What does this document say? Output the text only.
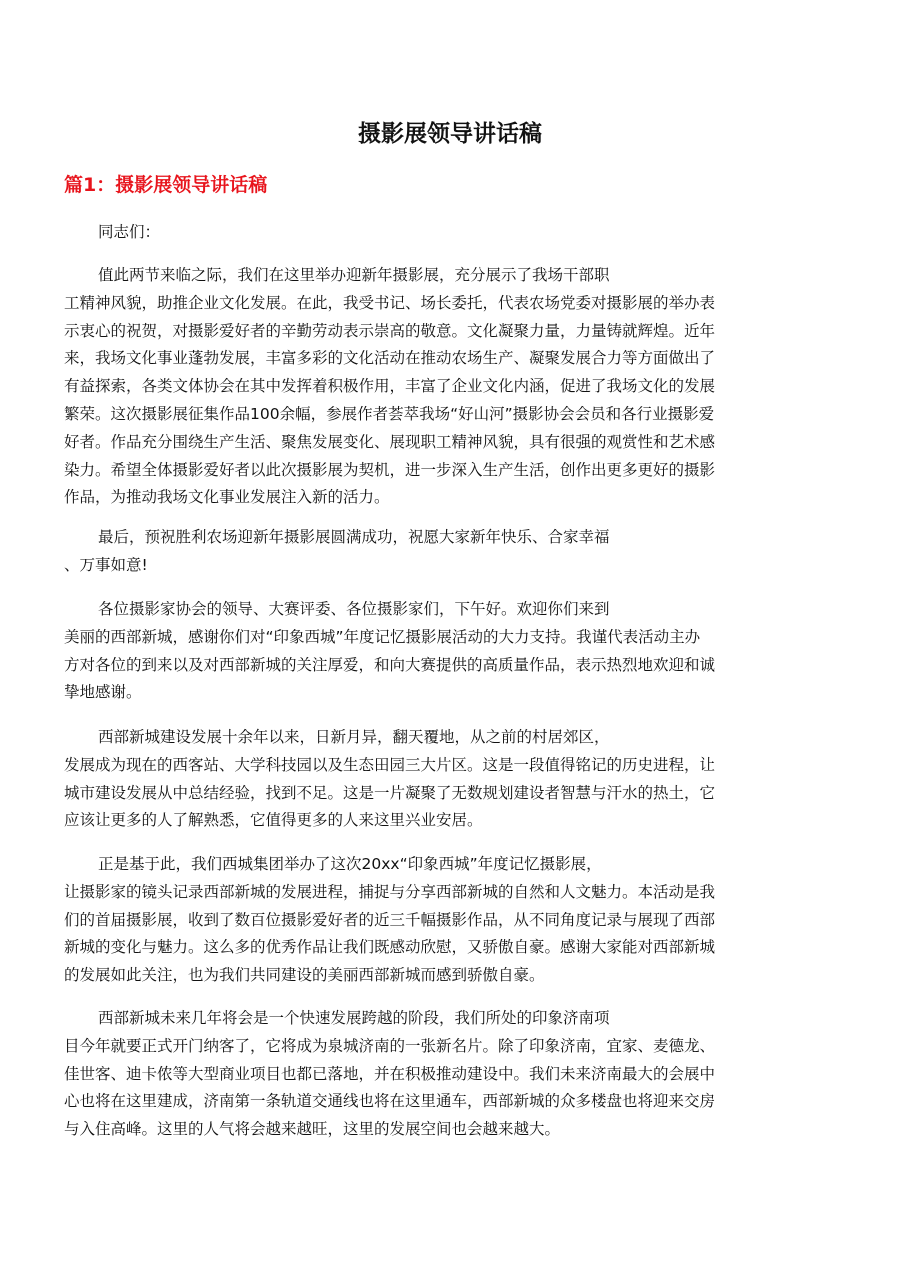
摄影展领导讲话稿
篇1：摄影展领导讲话稿

同志们：

值此两节来临之际，我们在这里举办迎新年摄影展，充分展示了我场干部职
工精神风貌，助推企业文化发展。在此，我受书记、场长委托，代表农场党委对摄影展的举办表
示衷心的祝贺，对摄影爱好者的辛勤劳动表示崇高的敬意。文化凝聚力量，力量铸就辉煌。近年
来，我场文化事业蓬勃发展，丰富多彩的文化活动在推动农场生产、凝聚发展合力等方面做出了
有益探索，各类文体协会在其中发挥着积极作用，丰富了企业文化内涵，促进了我场文化的发展
繁荣。这次摄影展征集作品100余幅，参展作者荟萃我场“好山河”摄影协会会员和各行业摄影爱
好者。作品充分围绕生产生活、聚焦发展变化、展现职工精神风貌，具有很强的观赏性和艺术感
染力。希望全体摄影爱好者以此次摄影展为契机，进一步深入生产生活，创作出更多更好的摄影
作品，为推动我场文化事业发展注入新的活力。

最后，预祝胜利农场迎新年摄影展圆满成功，祝愿大家新年快乐、合家幸福
、万事如意!

各位摄影家协会的领导、大赛评委、各位摄影家们，下午好。欢迎你们来到
美丽的西部新城，感谢你们对“印象西城”年度记忆摄影展活动的大力支持。我谨代表活动主办
方对各位的到来以及对西部新城的关注厚爱，和向大赛提供的高质量作品，表示热烈地欢迎和诚
挚地感谢。

西部新城建设发展十余年以来，日新月异，翻天覆地，从之前的村居郊区，
发展成为现在的西客站、大学科技园以及生态田园三大片区。这是一段值得铭记的历史进程，让
城市建设发展从中总结经验，找到不足。这是一片凝聚了无数规划建设者智慧与汗水的热土，它
应该让更多的人了解熟悉，它值得更多的人来这里兴业安居。

正是基于此，我们西城集团举办了这次20xx“印象西城”年度记忆摄影展，
让摄影家的镜头记录西部新城的发展进程，捕捉与分享西部新城的自然和人文魅力。本活动是我
们的首届摄影展，收到了数百位摄影爱好者的近三千幅摄影作品，从不同角度记录与展现了西部
新城的变化与魅力。这么多的优秀作品让我们既感动欣慰，又骄傲自豪。感谢大家能对西部新城
的发展如此关注，也为我们共同建设的美丽西部新城而感到骄傲自豪。

西部新城未来几年将会是一个快速发展跨越的阶段，我们所处的印象济南项
目今年就要正式开门纳客了，它将成为泉城济南的一张新名片。除了印象济南，宜家、麦德龙、
佳世客、迪卡侬等大型商业项目也都已落地，并在积极推动建设中。我们未来济南最大的会展中
心也将在这里建成，济南第一条轨道交通线也将在这里通车，西部新城的众多楼盘也将迎来交房
与入住高峰。这里的人气将会越来越旺，这里的发展空间也会越来越大。
